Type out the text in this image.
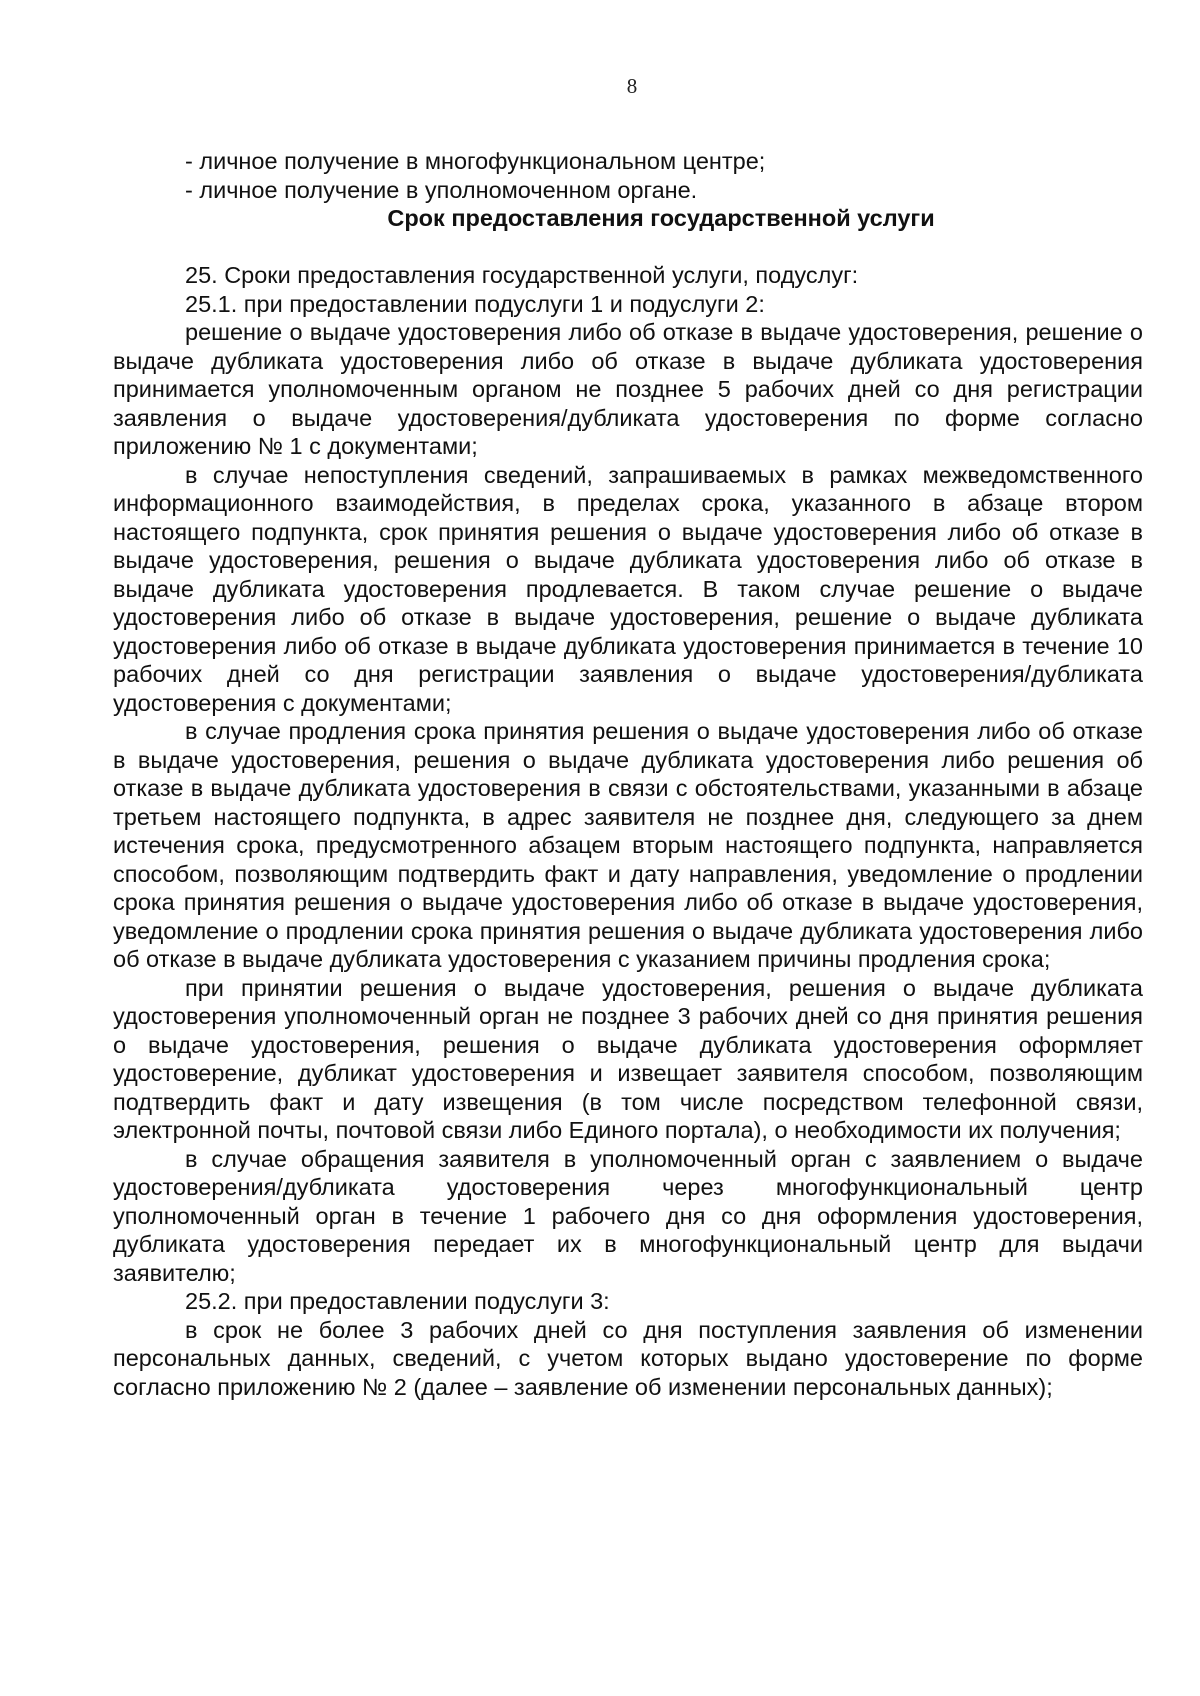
8

- личное получение в многофункциональном центре;

- личное получение в уполномоченном органе.

Срок предоставления государственной услуги

25. Сроки предоставления государственной услуги, подуслуг:

25.1. при предоставлении подуслуги 1 и подуслуги 2:

решение о выдаче удостоверения либо об отказе в выдаче удостоверения, решение о выдаче дубликата удостоверения либо об отказе в выдаче дубликата удостоверения принимается уполномоченным органом не позднее 5 рабочих дней со дня регистрации заявления о выдаче удостоверения/дубликата удостоверения по форме согласно приложению № 1 с документами;

в случае непоступления сведений, запрашиваемых в рамках межведомственного информационного взаимодействия, в пределах срока, указанного в абзаце втором настоящего подпункта, срок принятия решения о выдаче удостоверения либо об отказе в выдаче удостоверения, решения о выдаче дубликата удостоверения либо об отказе в выдаче дубликата удостоверения продлевается. В таком случае решение о выдаче удостоверения либо об отказе в выдаче удостоверения, решение о выдаче дубликата удостоверения либо об отказе в выдаче дубликата удостоверения принимается в течение 10 рабочих дней со дня регистрации заявления о выдаче удостоверения/дубликата удостоверения с документами;

в случае продления срока принятия решения о выдаче удостоверения либо об отказе в выдаче удостоверения, решения о выдаче дубликата удостоверения либо решения об отказе в выдаче дубликата удостоверения в связи с обстоятельствами, указанными в абзаце третьем настоящего подпункта, в адрес заявителя не позднее дня, следующего за днем истечения срока, предусмотренного абзацем вторым настоящего подпункта, направляется способом, позволяющим подтвердить факт и дату направления, уведомление о продлении срока принятия решения о выдаче удостоверения либо об отказе в выдаче удостоверения, уведомление о продлении срока принятия решения о выдаче дубликата удостоверения либо об отказе в выдаче дубликата удостоверения с указанием причины продления срока;

при принятии решения о выдаче удостоверения, решения о выдаче дубликата удостоверения уполномоченный орган не позднее 3 рабочих дней со дня принятия решения о выдаче удостоверения, решения о выдаче дубликата удостоверения оформляет удостоверение, дубликат удостоверения и извещает заявителя способом, позволяющим подтвердить факт и дату извещения (в том числе посредством телефонной связи, электронной почты, почтовой связи либо Единого портала), о необходимости их получения;

в случае обращения заявителя в уполномоченный орган с заявлением о выдаче удостоверения/дубликата удостоверения через многофункциональный центр уполномоченный орган в течение 1 рабочего дня со дня оформления удостоверения, дубликата удостоверения передает их в многофункциональный центр для выдачи заявителю;

25.2. при предоставлении подуслуги 3:

в срок не более 3 рабочих дней со дня поступления заявления об изменении персональных данных, сведений, с учетом которых выдано удостоверение по форме согласно приложению № 2 (далее – заявление об изменении персональных данных);
